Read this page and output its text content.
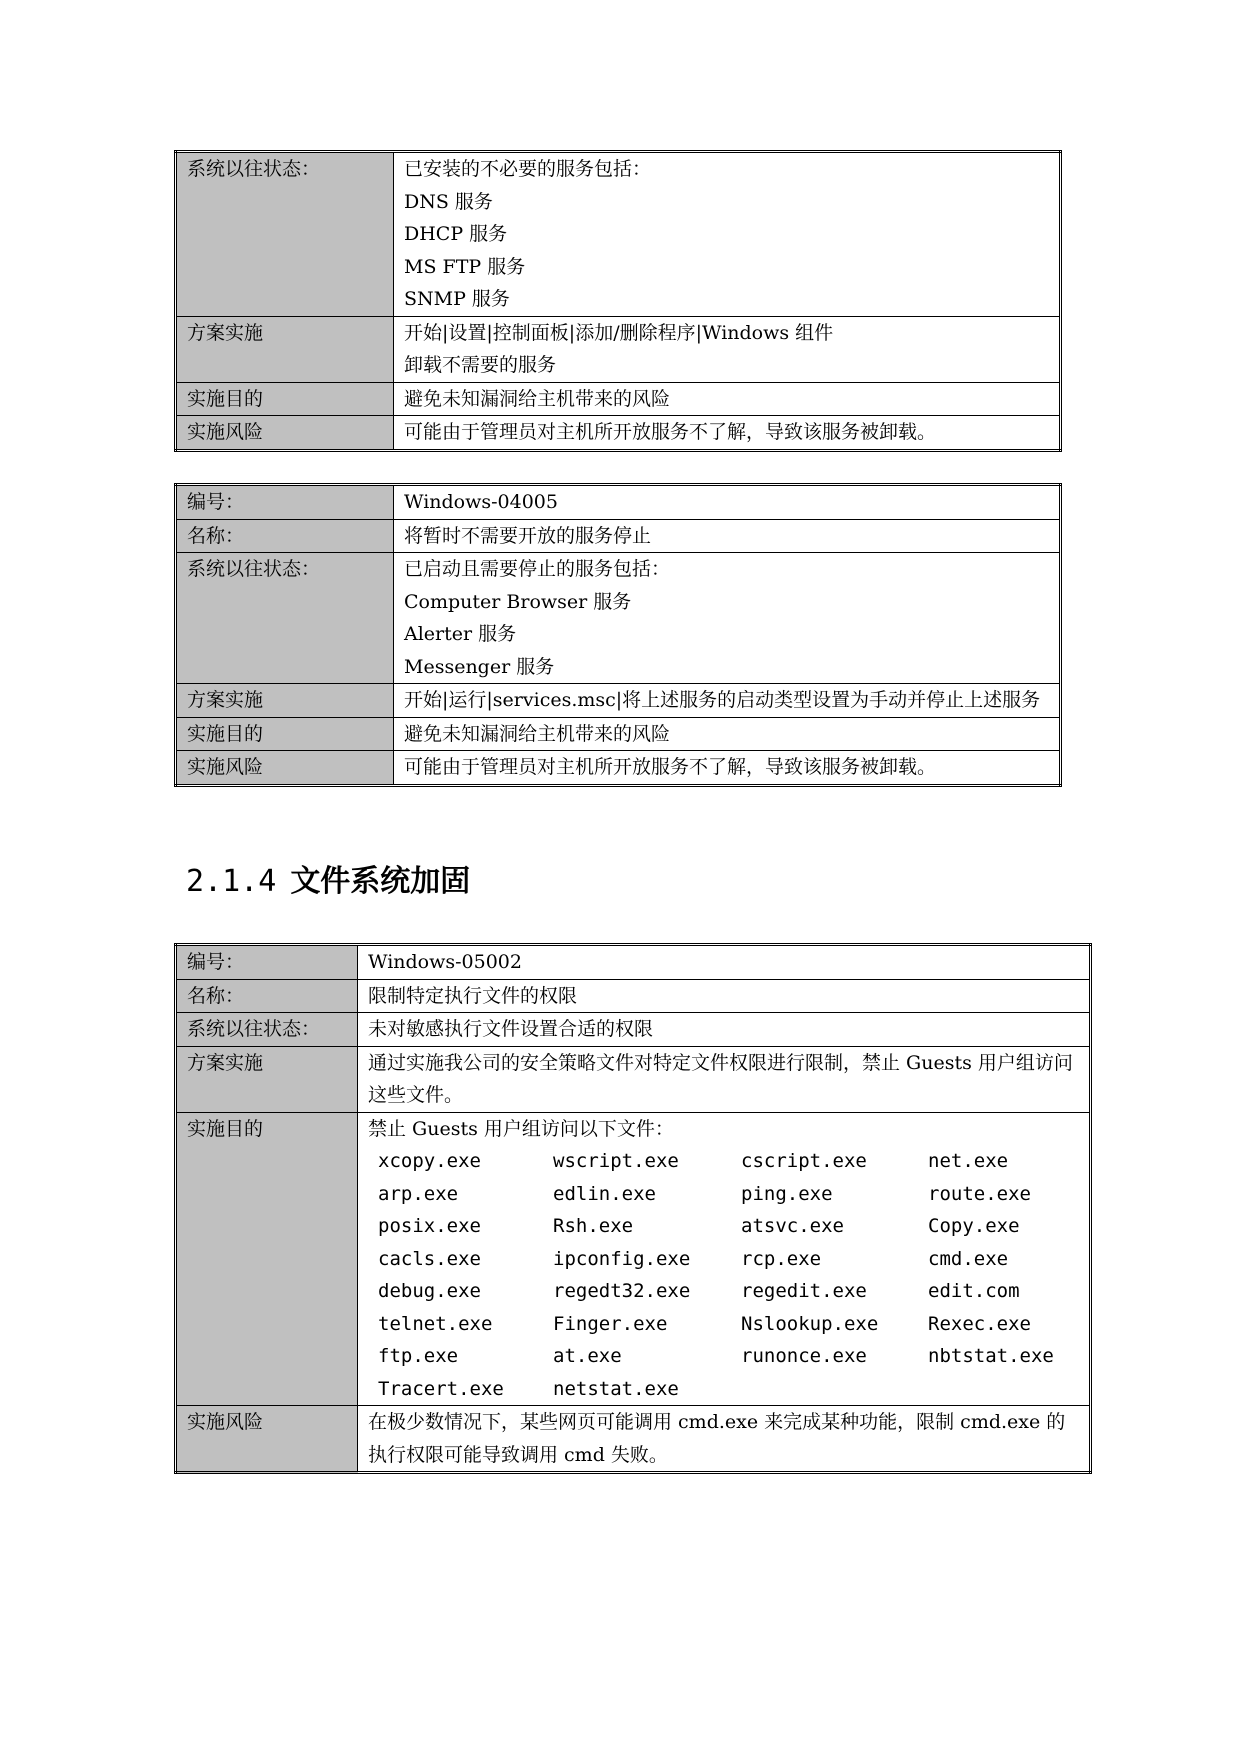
系统以往状态：	已安装的不必要的服务包括：
DNS 服务
DHCP 服务
MS FTP 服务
SNMP 服务

方案实施	开始|设置|控制面板|添加/删除程序|Windows 组件
卸载不需要的服务

实施目的	避免未知漏洞给主机带来的风险

实施风险	可能由于管理员对主机所开放服务不了解，导致该服务被卸载。
编号：	Windows-04005

名称：	将暂时不需要开放的服务停止

系统以往状态：	已启动且需要停止的服务包括：
Computer Browser 服务
Alerter 服务
Messenger 服务

方案实施	开始|运行|services.msc|将上述服务的启动类型设置为手动并停止上述服务

实施目的	避免未知漏洞给主机带来的风险

实施风险	可能由于管理员对主机所开放服务不了解，导致该服务被卸载。
2.1.4 文件系统加固
编号：	Windows-05002
名称：	限制特定执行文件的权限
系统以往状态：	未对敏感执行文件设置合适的权限
方案实施	通过实施我公司的安全策略文件对特定文件权限进行限制，禁止 Guests 用户组访问这些文件。
实施目的	禁止 Guests 用户组访问以下文件：
xcopy.exe	wscript.exe	cscript.exe	net.exe
arp.exe	edlin.exe	ping.exe	route.exe
posix.exe	Rsh.exe	atsvc.exe	Copy.exe
cacls.exe	ipconfig.exe	rcp.exe	cmd.exe
debug.exe	regedt32.exe	regedit.exe	edit.com
telnet.exe	Finger.exe	Nslookup.exe	Rexec.exe
ftp.exe	at.exe	runonce.exe	nbtstat.exe
Tracert.exe	netstat.exe		

实施风险	在极少数情况下，某些网页可能调用 cmd.exe 来完成某种功能，限制 cmd.exe 的执行权限可能导致调用 cmd 失败。
